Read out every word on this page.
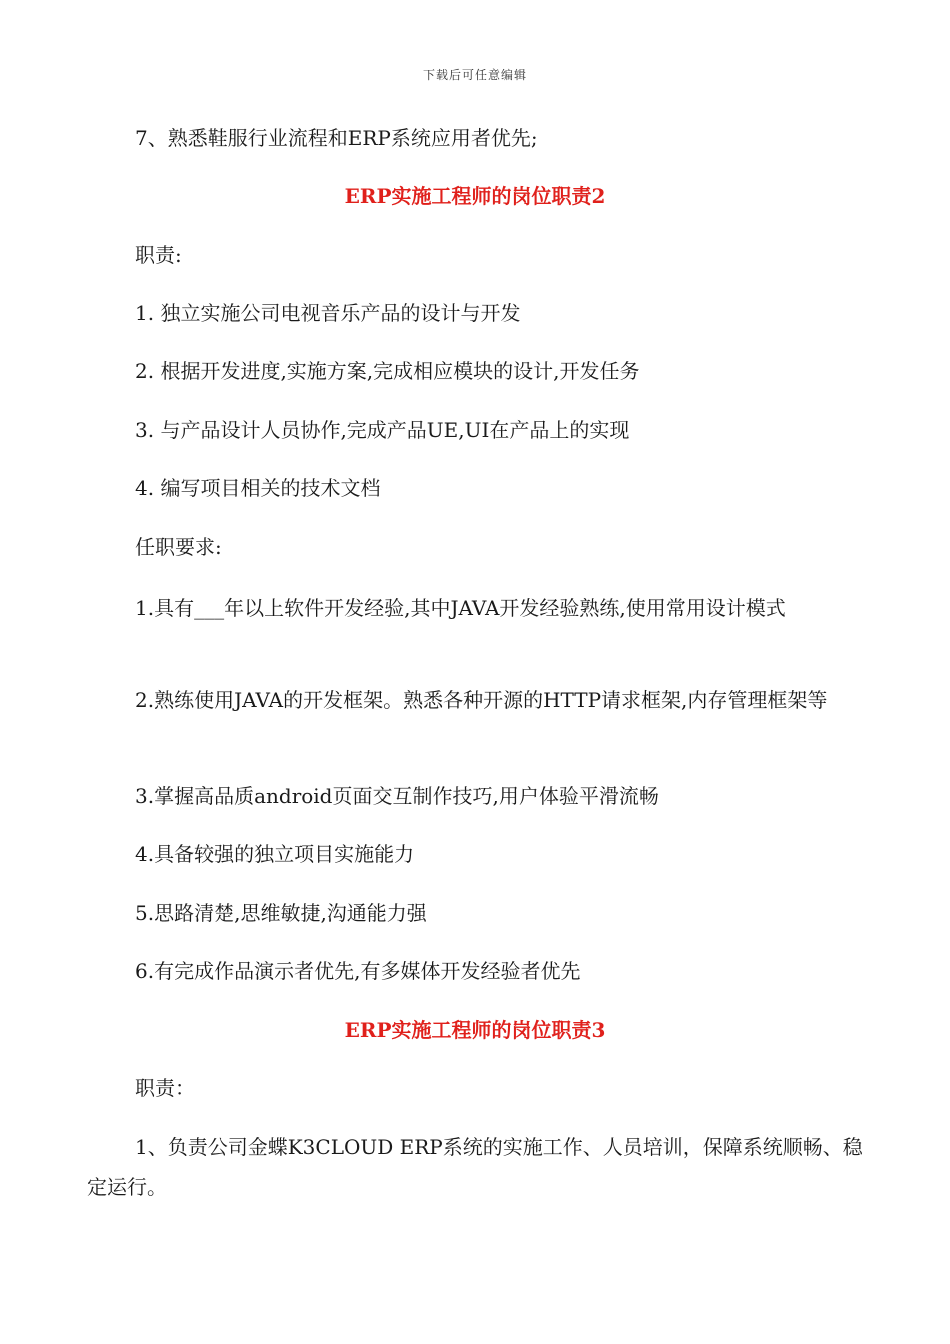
下载后可任意编辑
7、熟悉鞋服行业流程和ERP系统应用者优先;
ERP实施工程师的岗位职责2
职责:
1. 独立实施公司电视音乐产品的设计与开发
2. 根据开发进度,实施方案,完成相应模块的设计,开发任务
3. 与产品设计人员协作,完成产品UE,UI在产品上的实现
4. 编写项目相关的技术文档
任职要求:
1.具有___年以上软件开发经验,其中JAVA开发经验熟练,使用常用设计模式
2.熟练使用JAVA的开发框架。熟悉各种开源的HTTP请求框架,内存管理框架等
3.掌握高品质android页面交互制作技巧,用户体验平滑流畅
4.具备较强的独立项目实施能力
5.思路清楚,思维敏捷,沟通能力强
6.有完成作品演示者优先,有多媒体开发经验者优先
ERP实施工程师的岗位职责3
职责：
1、负责公司金蝶K3CLOUD ERP系统的实施工作、人员培训，保障系统顺畅、稳定运行。
